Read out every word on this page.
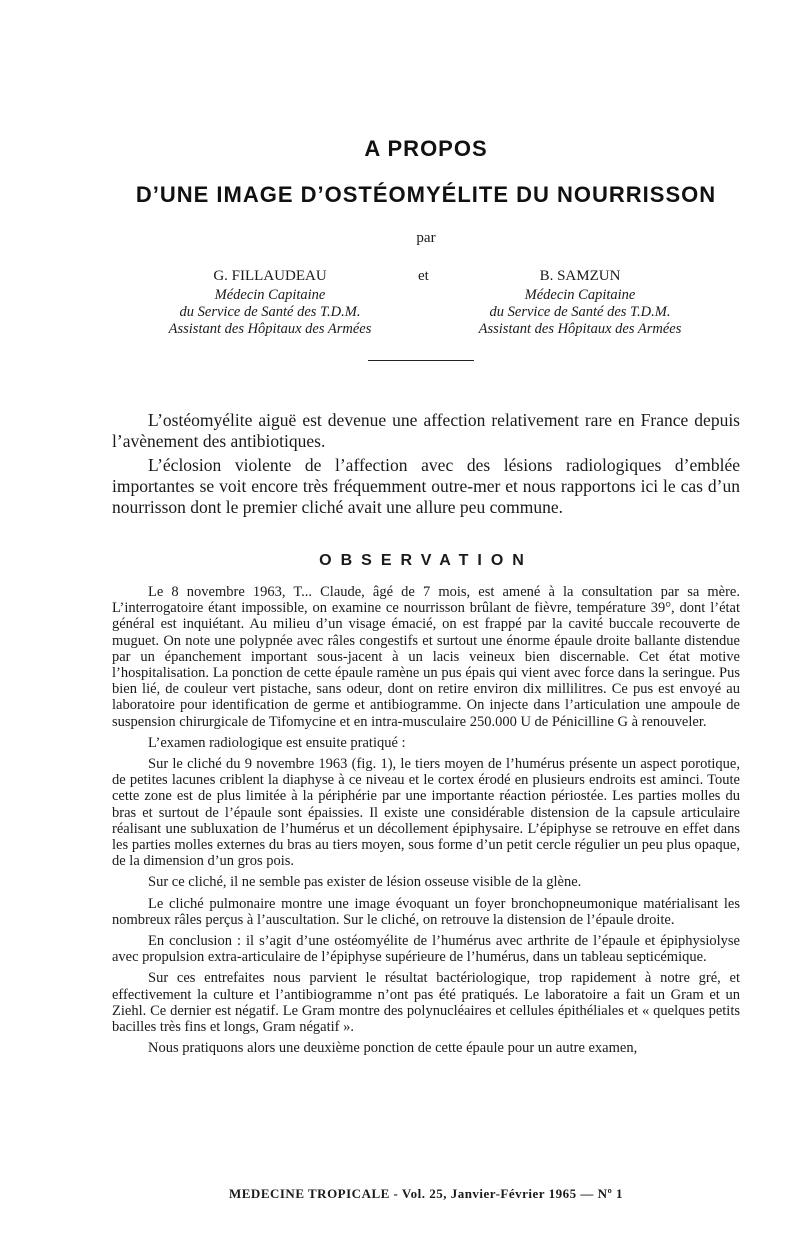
A PROPOS
D’UNE IMAGE D’OSTÉOMYÉLITE DU NOURRISSON
par
G. FILLAUDEAU
Médecin Capitaine
du Service de Santé des T.D.M.
Assistant des Hôpitaux des Armées
et	B. SAMZUN
Médecin Capitaine
du Service de Santé des T.D.M.
Assistant des Hôpitaux des Armées

L’ostéomyélite aiguë est devenue une affection relativement rare en France depuis l’avènement des antibiotiques.

L’éclosion violente de l’affection avec des lésions radiologiques d’emblée importantes se voit encore très fréquemment outre-mer et nous rapportons ici le cas d’un nourrisson dont le premier cliché avait une allure peu commune.

OBSERVATION

Le 8 novembre 1963, T... Claude, âgé de 7 mois, est amené à la consultation par sa mère. L’interrogatoire étant impossible, on examine ce nourrisson brûlant de fièvre, température 39°, dont l’état général est inquiétant. Au milieu d’un visage émacié, on est frappé par la cavité buccale recouverte de muguet. On note une polypnée avec râles congestifs et surtout une énorme épaule droite ballante distendue par un épanchement important sous-jacent à un lacis veineux bien discernable. Cet état motive l’hospitalisation. La ponction de cette épaule ramène un pus épais qui vient avec force dans la seringue. Pus bien lié, de couleur vert pistache, sans odeur, dont on retire environ dix millilitres. Ce pus est envoyé au laboratoire pour identification de germe et antibiogramme. On injecte dans l’articulation une ampoule de suspension chirurgicale de Tifomycine et en intra-musculaire 250.000 U de Pénicilline G à renouveler.

L’examen radiologique est ensuite pratiqué :

Sur le cliché du 9 novembre 1963 (fig. 1), le tiers moyen de l’humérus présente un aspect porotique, de petites lacunes criblent la diaphyse à ce niveau et le cortex érodé en plusieurs endroits est aminci. Toute cette zone est de plus limitée à la périphérie par une importante réaction périostée. Les parties molles du bras et surtout de l’épaule sont épaissies. Il existe une considérable distension de la capsule articulaire réalisant une subluxation de l’humérus et un décollement épiphysaire. L’épiphyse se retrouve en effet dans les parties molles externes du bras au tiers moyen, sous forme d’un petit cercle régulier un peu plus opaque, de la dimension d’un gros pois.

Sur ce cliché, il ne semble pas exister de lésion osseuse visible de la glène.

Le cliché pulmonaire montre une image évoquant un foyer bronchopneumonique matérialisant les nombreux râles perçus à l’auscultation. Sur le cliché, on retrouve la distension de l’épaule droite.

En conclusion : il s’agit d’une ostéomyélite de l’humérus avec arthrite de l’épaule et épiphysiolyse avec propulsion extra-articulaire de l’épiphyse supérieure de l’humérus, dans un tableau septicémique.

Sur ces entrefaites nous parvient le résultat bactériologique, trop rapidement à notre gré, et effectivement la culture et l’antibiogramme n’ont pas été pratiqués. Le laboratoire a fait un Gram et un Ziehl. Ce dernier est négatif. Le Gram montre des polynucléaires et cellules épithéliales et « quelques petits bacilles très fins et longs, Gram négatif ».

Nous pratiquons alors une deuxième ponction de cette épaule pour un autre examen,

MEDECINE TROPICALE - Vol. 25, Janvier-Février 1965 — Nº 1
